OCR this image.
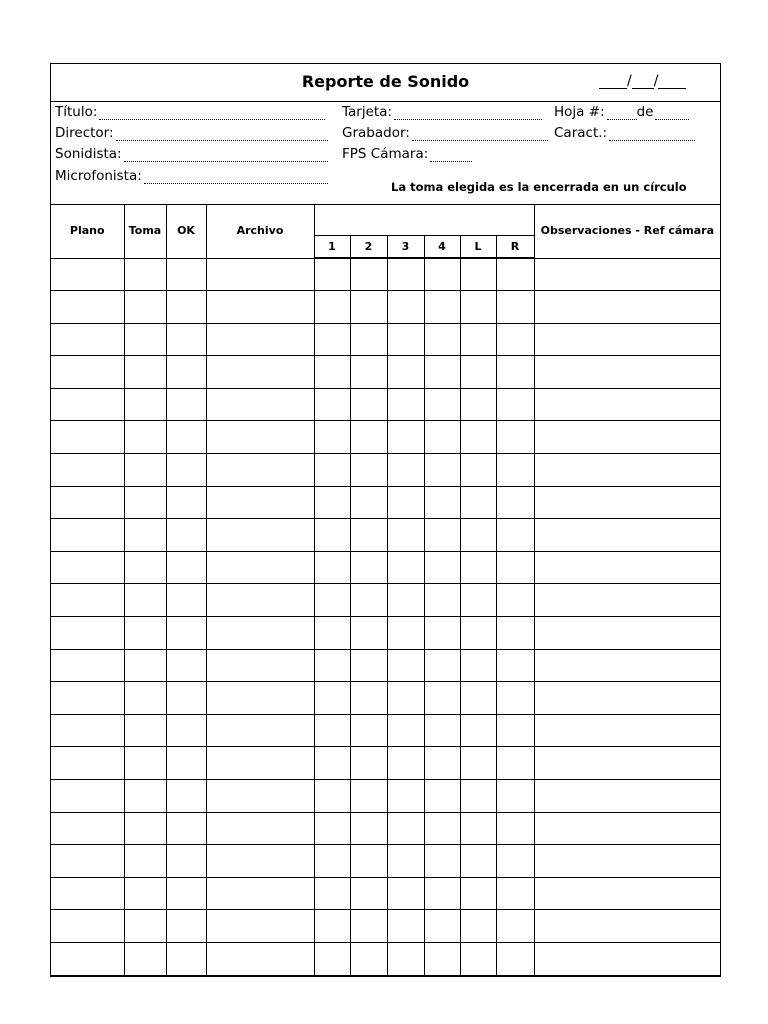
Reporte de Sonido	/ /
Título:
Director:
Sonidista:
Microfonista:
Tarjeta:
Grabador:
FPS Cámara:
Hoja #: de
Caract.:
La toma elegida es la encerrada en un círculo
Plano	Toma	OK	Archivo							Observaciones - Ref cámara
				1	2	3	4	L	R	
